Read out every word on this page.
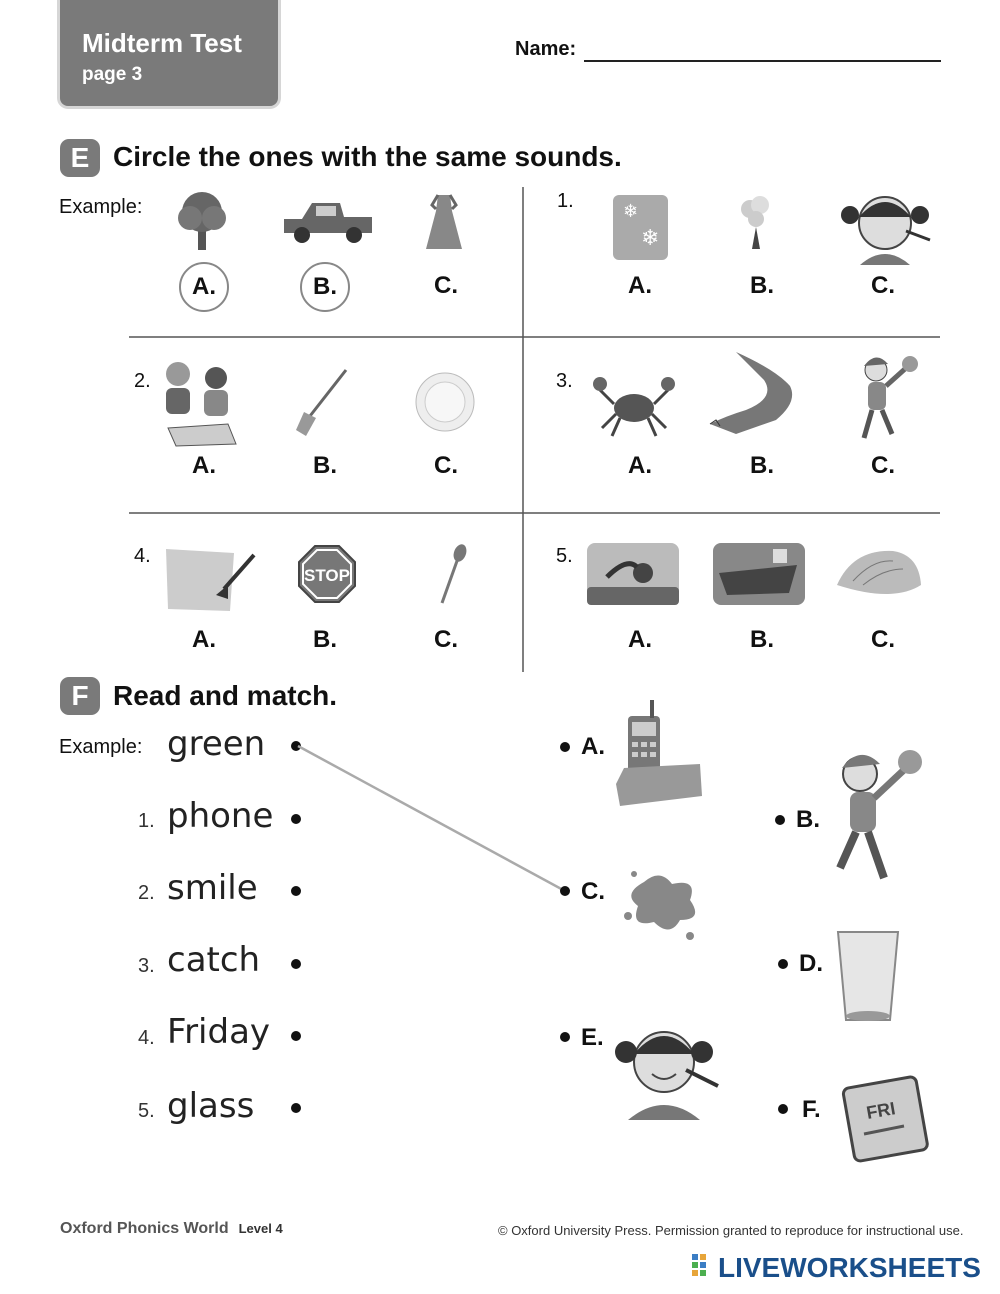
Midterm Test
page 3
Name:
E Circle the ones with the same sounds.
Example:
A.	B.	C.
1.	❄
❄
A.	B.	C.
2.
A.	B.	C.
3.
A.	B.	C.
4.
STOP
A.	B.	C.
5.
A.	B.	C.
F Read and match.
Example: green
1. phone
2. smile
3. catch
4. Friday
5. glass
A.
B.
C.
D.
E.
F. FRI
Oxford Phonics World Level 4	© Oxford University Press. Permission granted to reproduce for instructional use.
LIVEWORKSHEETS
